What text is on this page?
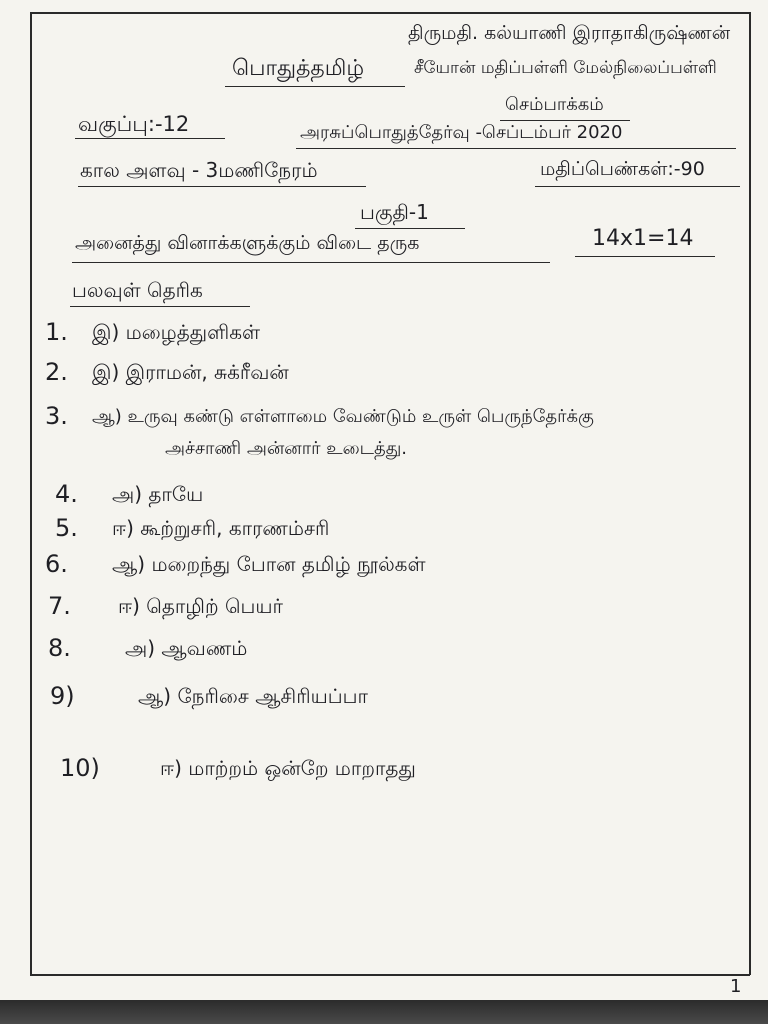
திருமதி. கல்யாணி இராதாகிருஷ்ணன்
பொதுத்தமிழ்	சீயோன் மதிப்பள்ளி மேல்நிலைப்பள்ளி
செம்பாக்கம்
வகுப்பு:-12	அரசுப்பொதுத்தேர்வு -செப்டம்பர் 2020
கால அளவு - 3மணிநேரம்	மதிப்பெண்கள்:-90
பகுதி-1
அனைத்து வினாக்களுக்கும் விடை தருக	14x1=14
பலவுள் தெரிக
1. இ) மழைத்துளிகள்
2. இ) இராமன், சுக்ரீவன்
3. ஆ) உருவு கண்டு எள்ளாமை வேண்டும் உருள் பெருந்தேர்க்கு
அச்சாணி அன்னார் உடைத்து.
4. அ) தாயே
5. ஈ) கூற்றுசரி, காரணம்சரி
6. ஆ) மறைந்து போன தமிழ் நூல்கள்
7. ஈ) தொழிற் பெயர்
8.	அ) ஆவணம்
9)	ஆ) நேரிசை ஆசிரியப்பா
10)	ஈ) மாற்றம் ஒன்றே மாறாதது
1
